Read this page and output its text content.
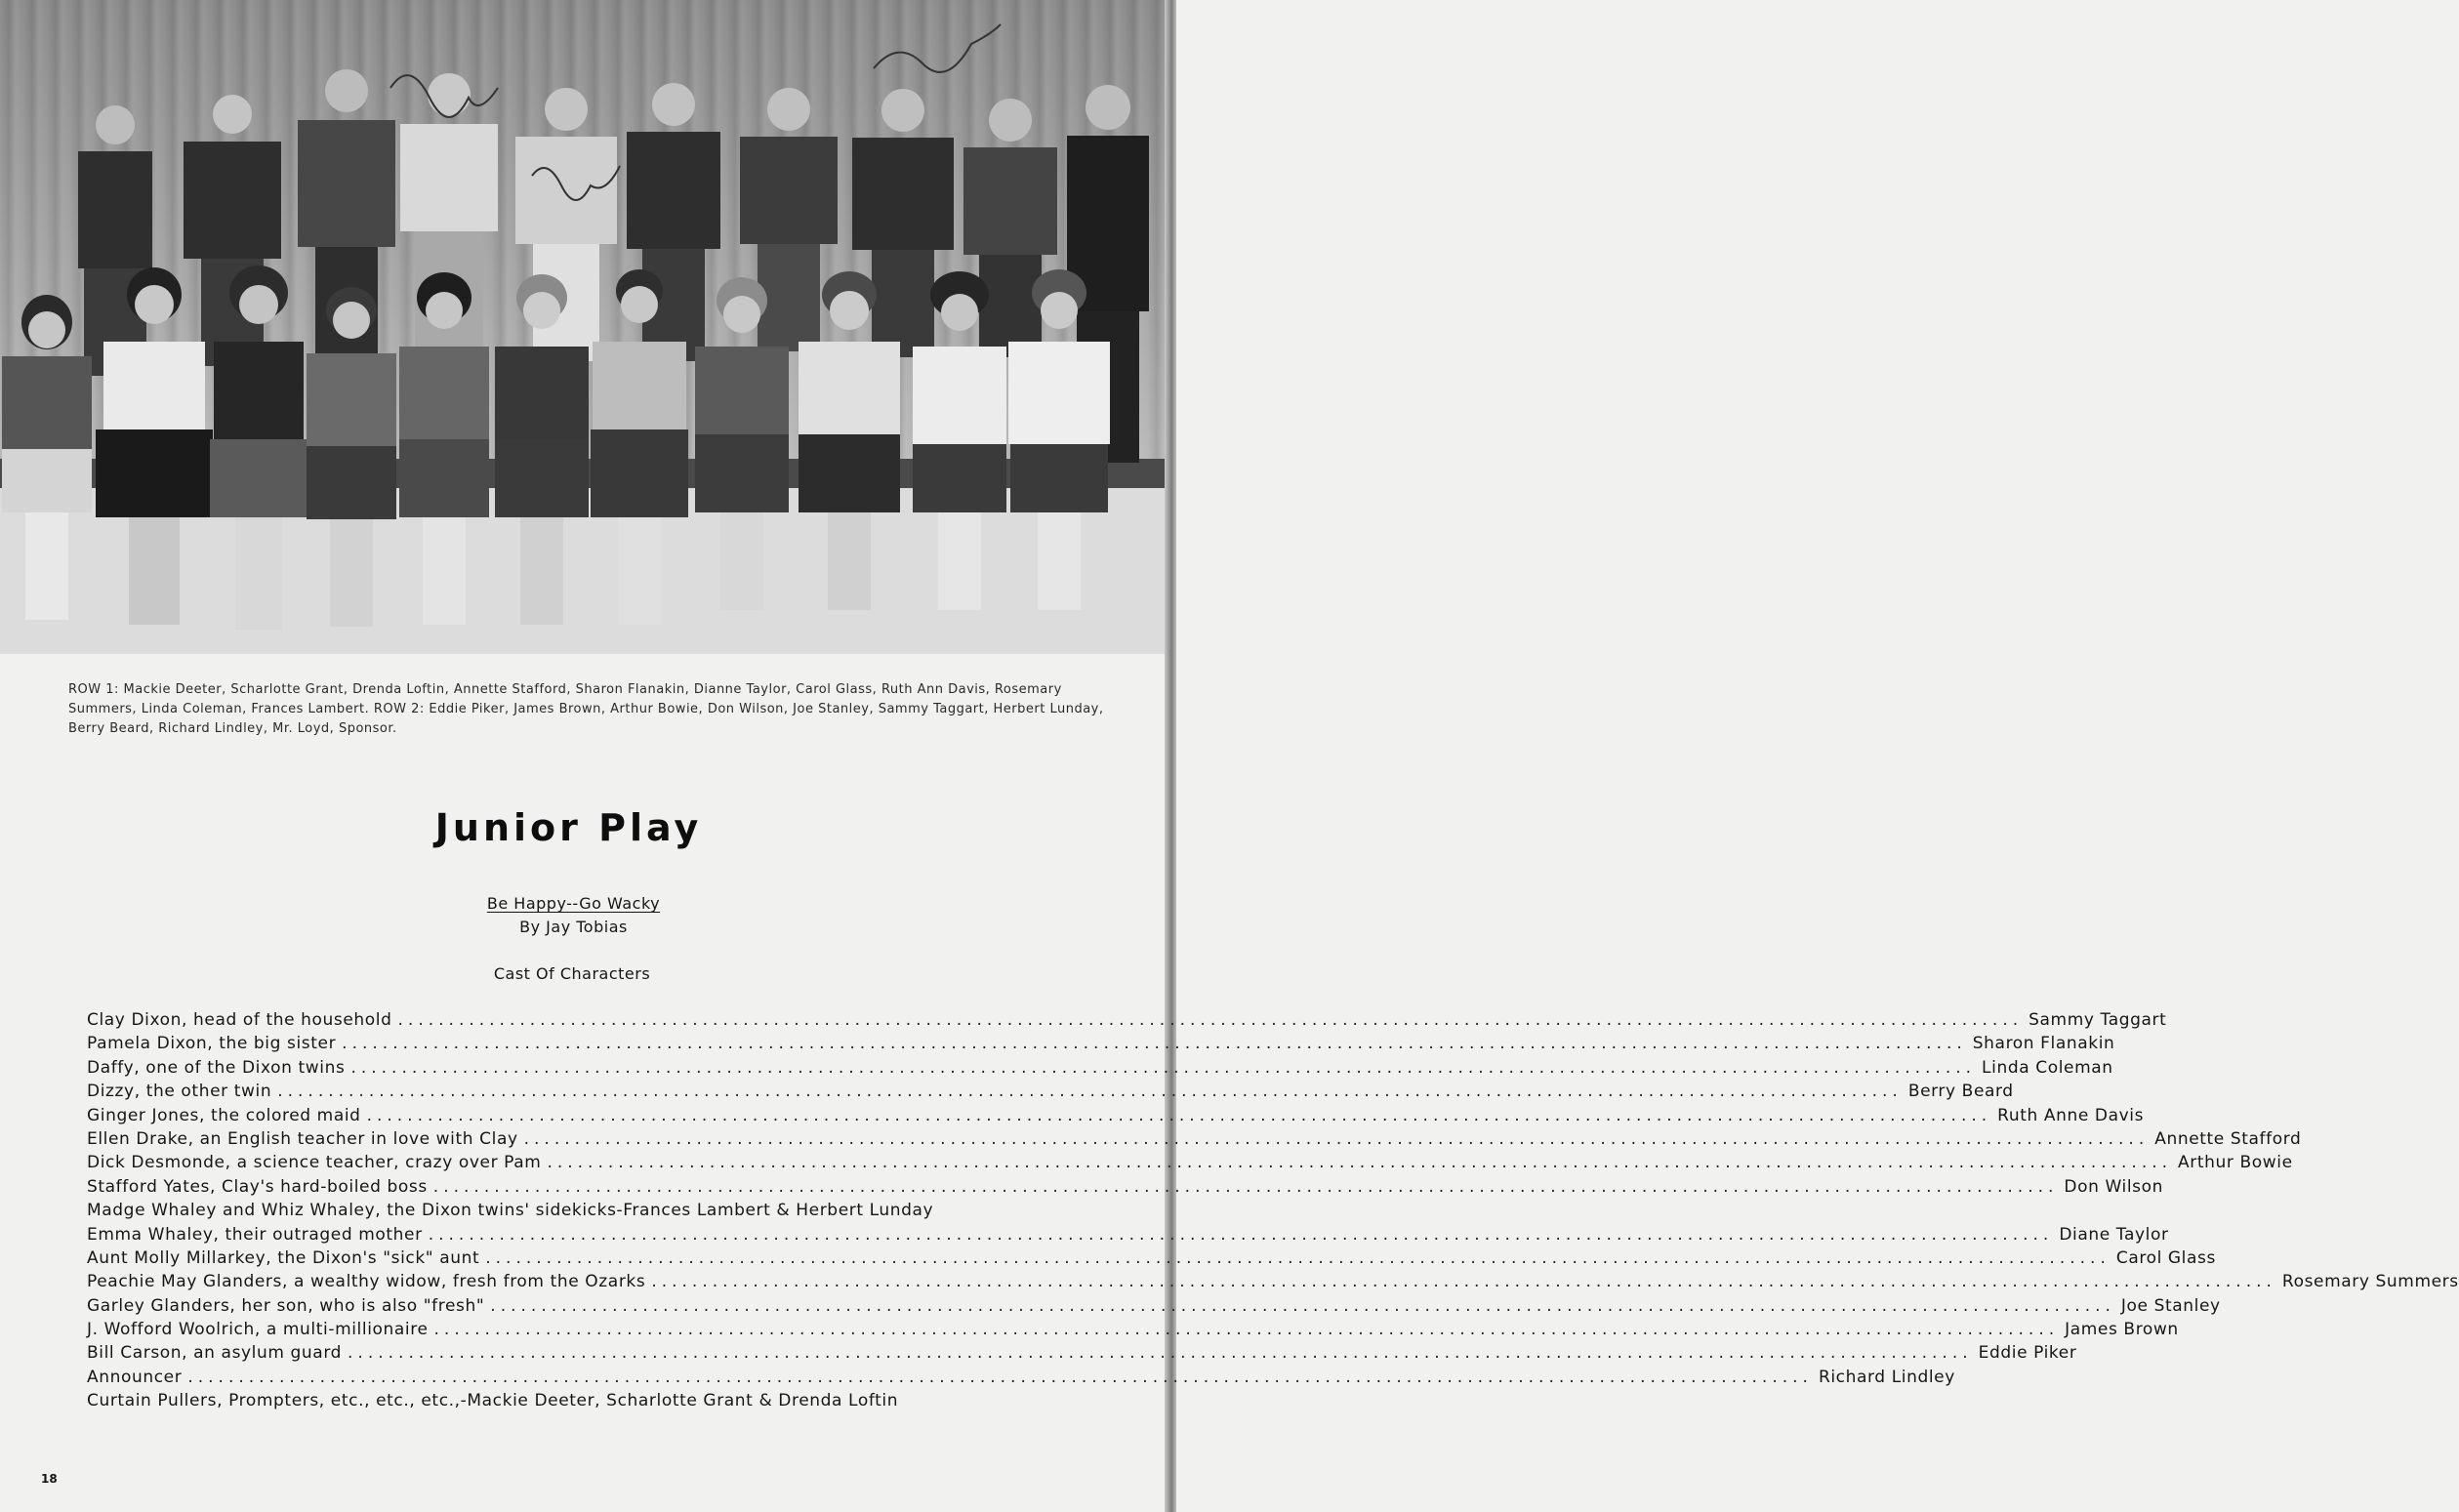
ROW 1: Mackie Deeter, Scharlotte Grant, Drenda Loftin, Annette Stafford, Sharon Flanakin, Dianne Taylor, Carol Glass, Ruth Ann Davis, Rosemary Summers, Linda Coleman, Frances Lambert. ROW 2: Eddie Piker, James Brown, Arthur Bowie, Don Wilson, Joe Stanley, Sammy Taggart, Herbert Lunday, Berry Beard, Richard Lindley, Mr. Loyd, Sponsor.
Junior Play
Be Happy--Go Wacky
By Jay Tobias
Cast Of Characters
Clay Dixon, head of the household ................................................................................................................................................................ Sammy Taggart
Pamela Dixon, the big sister ................................................................................................................................................................ Sharon Flanakin
Daffy, one of the Dixon twins ................................................................................................................................................................ Linda Coleman
Dizzy, the other twin ................................................................................................................................................................ Berry Beard
Ginger Jones, the colored maid ................................................................................................................................................................ Ruth Anne Davis
Ellen Drake, an English teacher in love with Clay ................................................................................................................................................................ Annette Stafford
Dick Desmonde, a science teacher, crazy over Pam ................................................................................................................................................................ Arthur Bowie
Stafford Yates, Clay's hard-boiled boss ................................................................................................................................................................ Don Wilson
Madge Whaley and Whiz Whaley, the Dixon twins' sidekicks- Frances Lambert & Herbert Lunday
Emma Whaley, their outraged mother ................................................................................................................................................................ Diane Taylor
Aunt Molly Millarkey, the Dixon's "sick" aunt ................................................................................................................................................................ Carol Glass
Peachie May Glanders, a wealthy widow, fresh from the Ozarks ................................................................................................................................................................ Rosemary Summers
Garley Glanders, her son, who is also "fresh" ................................................................................................................................................................ Joe Stanley
J. Wofford Woolrich, a multi-millionaire ................................................................................................................................................................ James Brown
Bill Carson, an asylum guard ................................................................................................................................................................ Eddie Piker
Announcer ................................................................................................................................................................ Richard Lindley
Curtain Pullers, Prompters, etc., etc., etc.,- Mackie Deeter, Scharlotte Grant & Drenda Loftin
18
